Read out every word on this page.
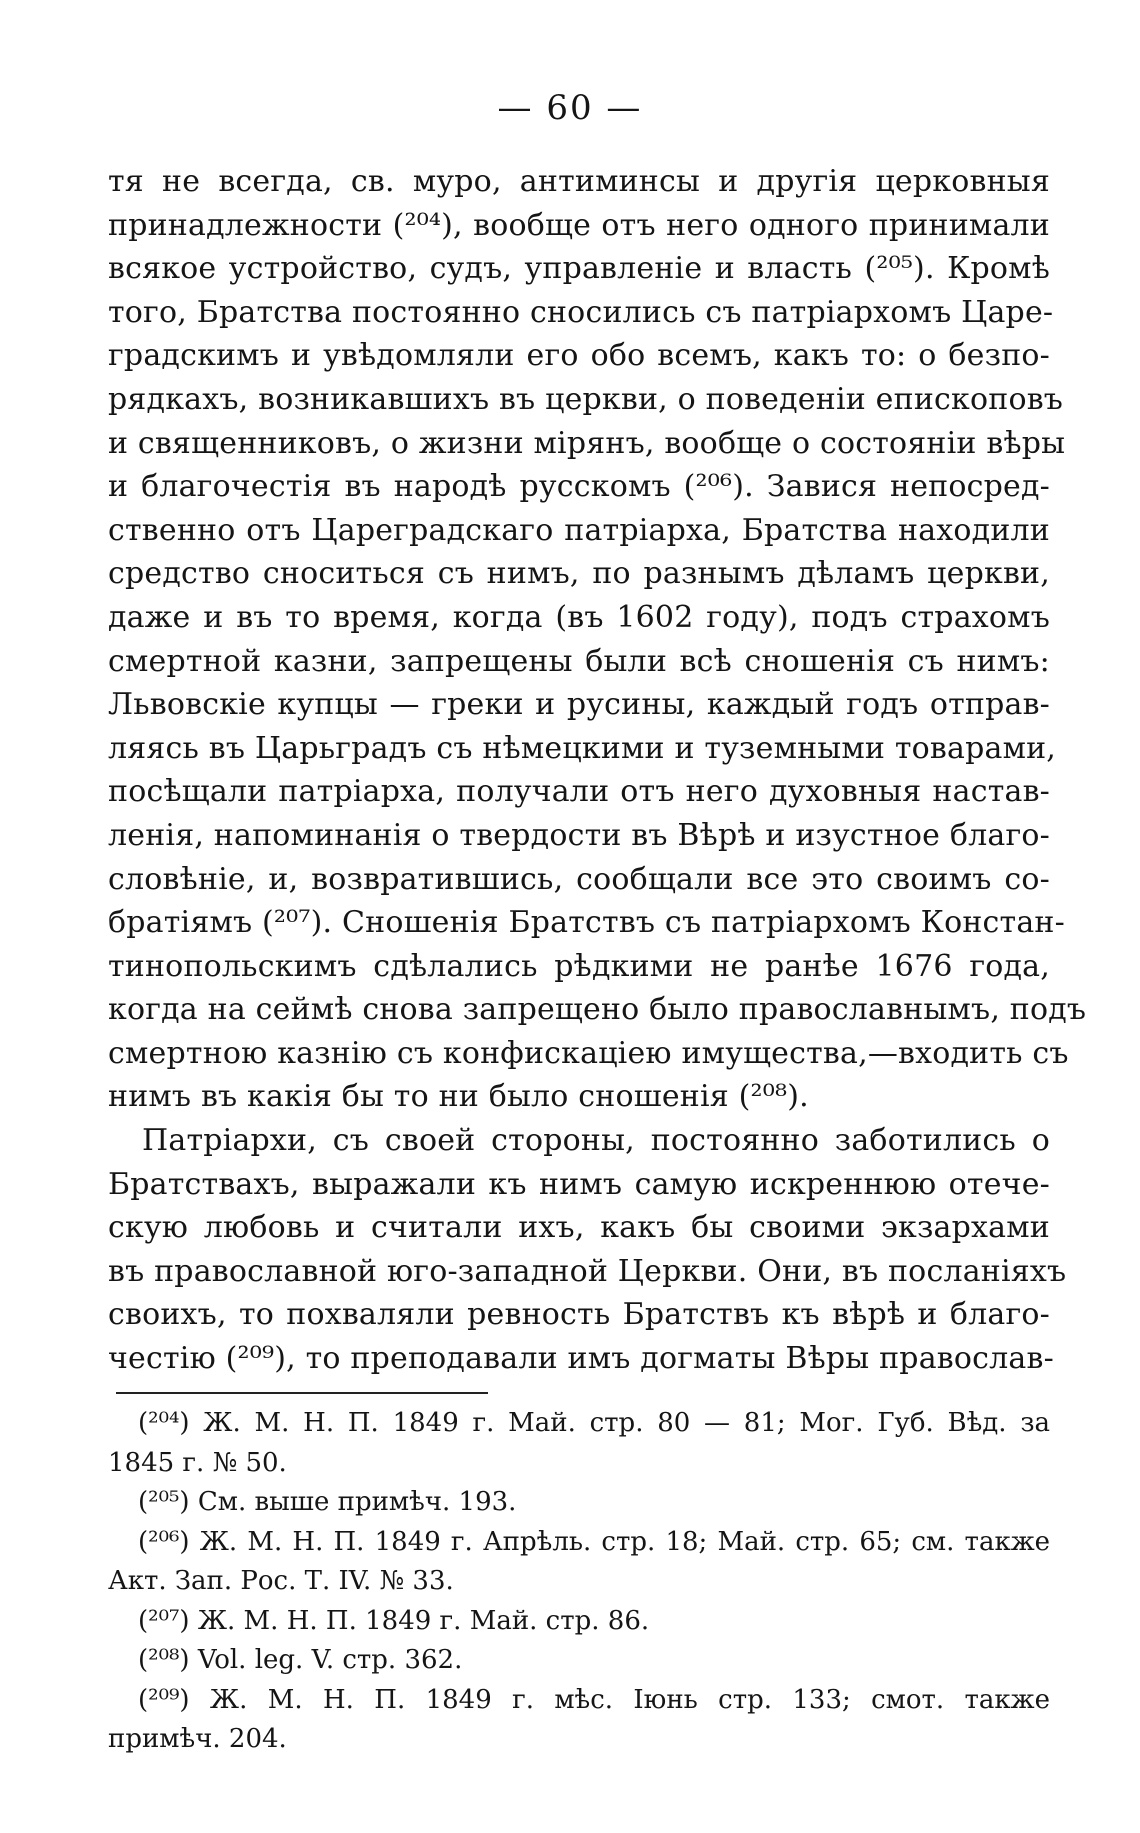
— 60 —
тя не всегда, св. муро, антиминсы и другія церковныя
принадлежности (²⁰⁴), вообще отъ него одного принимали
всякое устройство, судъ, управленіе и власть (²⁰⁵). Кромѣ
того, Братства постоянно сносились съ патріархомъ Царе-
градскимъ и увѣдомляли его обо всемъ, какъ то: о безпо-
рядкахъ, возникавшихъ въ церкви, о поведеніи епископовъ
и священниковъ, о жизни мірянъ, вообще о состояніи вѣры
и благочестія въ народѣ русскомъ (²⁰⁶). Завися непосред-
ственно отъ Цареградскаго патріарха, Братства находили
средство сноситься съ нимъ, по разнымъ дѣламъ церкви,
даже и въ то время, когда (въ 1602 году), подъ страхомъ
смертной казни, запрещены были всѣ сношенія съ нимъ:
Львовскіе купцы — греки и русины, каждый годъ отправ-
ляясь въ Царьградъ съ нѣмецкими и туземными товарами,
посѣщали патріарха, получали отъ него духовныя настав-
ленія, напоминанія о твердости въ Вѣрѣ и изустное благо-
словѣніе, и, возвратившись, сообщали все это своимъ со-
братіямъ (²⁰⁷). Сношенія Братствъ съ патріархомъ Констан-
тинопольскимъ сдѣлались рѣдкими не ранѣе 1676 года,
когда на сеймѣ снова запрещено было православнымъ, подъ
смертною казнію съ конфискаціею имущества,—входить съ
нимъ въ какія бы то ни было сношенія (²⁰⁸).
Патріархи, съ своей стороны, постоянно заботились о
Братствахъ, выражали къ нимъ самую искреннюю отече-
скую любовь и считали ихъ, какъ бы своими экзархами
въ православной юго-западной Церкви. Они, въ посланіяхъ
своихъ, то похваляли ревность Братствъ къ вѣрѣ и благо-
честію (²⁰⁹), то преподавали имъ догматы Вѣры православ-
(²⁰⁴) Ж. М. Н. П. 1849 г. Май. стр. 80 — 81; Мог. Губ. Вѣд. за
1845 г. № 50.
(²⁰⁵) См. выше примѣч. 193.
(²⁰⁶) Ж. М. Н. П. 1849 г. Апрѣль. стр. 18; Май. стр. 65; см. также
Акт. Зап. Рос. Т. IV. № 33.
(²⁰⁷) Ж. М. Н. П. 1849 г. Май. стр. 86.
(²⁰⁸) Vol. leg. V. стр. 362.
(²⁰⁹) Ж. М. Н. П. 1849 г. мѣс. Іюнь стр. 133; смот. также
примѣч. 204.
